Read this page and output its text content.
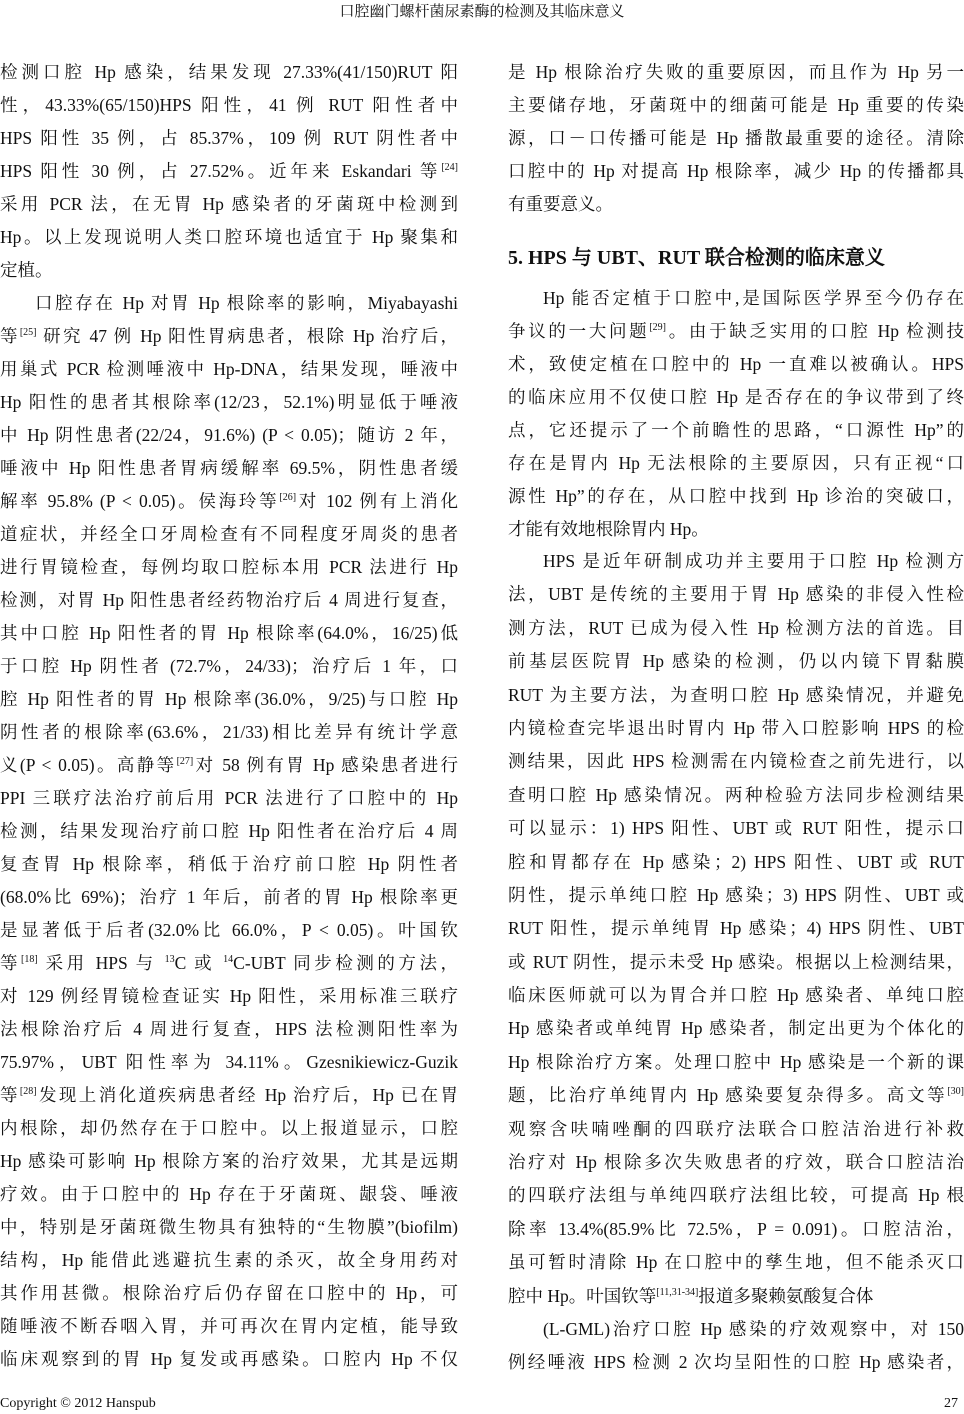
口腔幽门螺杆菌尿素酶的检测及其临床意义
检测口腔 Hp 感染，结果发现 27.33%(41/150)RUT 阳
性，43.33%(65/150)HPS 阳性，41 例 RUT 阳性者中
HPS 阳性 35 例，占 85.37%，109 例 RUT 阴性者中
HPS 阳性 30 例，占 27.52%。近年来 Eskandari 等[24]
采用 PCR 法，在无胃 Hp 感染者的牙菌斑中检测到
Hp。以上发现说明人类口腔环境也适宜于 Hp 聚集和
定植。
口腔存在 Hp 对胃 Hp 根除率的影响，Miyabayashi
等[25] 研究 47 例 Hp 阳性胃病患者，根除 Hp 治疗后，
用巢式 PCR 检测唾液中 Hp-DNA，结果发现，唾液中
Hp 阳性的患者其根除率(12/23，52.1%)明显低于唾液
中 Hp 阴性患者(22/24，91.6%) (P < 0.05)；随访 2 年，
唾液中 Hp 阳性患者胃病缓解率 69.5%，阴性患者缓
解率 95.8% (P < 0.05)。侯海玲等[26]对 102 例有上消化
道症状，并经全口牙周检查有不同程度牙周炎的患者
进行胃镜检查，每例均取口腔标本用 PCR 法进行 Hp
检测，对胃 Hp 阳性患者经药物治疗后 4 周进行复查，
其中口腔 Hp 阳性者的胃 Hp 根除率(64.0%，16/25)低
于口腔 Hp 阴性者 (72.7%，24/33)；治疗后 1 年，口
腔 Hp 阳性者的胃 Hp 根除率(36.0%，9/25)与口腔 Hp
阴性者的根除率(63.6%，21/33)相比差异有统计学意
义(P < 0.05)。高静等[27]对 58 例有胃 Hp 感染患者进行
PPI 三联疗法治疗前后用 PCR 法进行了口腔中的 Hp
检测，结果发现治疗前口腔 Hp 阳性者在治疗后 4 周
复查胃 Hp 根除率，稍低于治疗前口腔 Hp 阴性者
(68.0%比 69%)；治疗 1 年后，前者的胃 Hp 根除率更
是显著低于后者(32.0%比 66.0%，P < 0.05)。叶国钦
等[18] 采用 HPS 与 $^{13}$C 或 $^{14}$C-UBT 同步检测的方法，
对 129 例经胃镜检查证实 Hp 阳性，采用标准三联疗
法根除治疗后 4 周进行复查，HPS 法检测阳性率为
75.97%，UBT 阳性率为 34.11%。Gzesnikiewicz-Guzik
等[28]发现上消化道疾病患者经 Hp 治疗后，Hp 已在胃
内根除，却仍然存在于口腔中。以上报道显示，口腔
Hp 感染可影响 Hp 根除方案的治疗效果，尤其是远期
疗效。由于口腔中的 Hp 存在于牙菌斑、龈袋、唾液
中，特别是牙菌斑微生物具有独特的“生物膜”(biofilm)
结构，Hp 能借此逃避抗生素的杀灭，故全身用药对
其作用甚微。根除治疗后仍存留在口腔中的 Hp，可
随唾液不断吞咽入胃，并可再次在胃内定植，能导致
临床观察到的胃 Hp 复发或再感染。口腔内 Hp 不仅
是 Hp 根除治疗失败的重要原因，而且作为 Hp 另一
主要储存地，牙菌斑中的细菌可能是 Hp 重要的传染
源，口－口传播可能是 Hp 播散最重要的途径。清除
口腔中的 Hp 对提高 Hp 根除率，减少 Hp 的传播都具
有重要意义。
5. HPS 与 UBT、RUT 联合检测的临床意义
Hp 能否定植于口腔中,是国际医学界至今仍存在
争议的一大问题[29]。由于缺乏实用的口腔 Hp 检测技
术，致使定植在口腔中的 Hp 一直难以被确认。HPS
的临床应用不仅使口腔 Hp 是否存在的争议带到了终
点，它还提示了一个前瞻性的思路，“口源性 Hp”的
存在是胃内 Hp 无法根除的主要原因，只有正视“口
源性 Hp”的存在，从口腔中找到 Hp 诊治的突破口，
才能有效地根除胃内 Hp。
HPS 是近年研制成功并主要用于口腔 Hp 检测方
法，UBT 是传统的主要用于胃 Hp 感染的非侵入性检
测方法，RUT 已成为侵入性 Hp 检测方法的首选。目
前基层医院胃 Hp 感染的检测，仍以内镜下胃黏膜
RUT 为主要方法，为查明口腔 Hp 感染情况，并避免
内镜检查完毕退出时胃内 Hp 带入口腔影响 HPS 的检
测结果，因此 HPS 检测需在内镜检查之前先进行，以
查明口腔 Hp 感染情况。两种检验方法同步检测结果
可以显示：1) HPS 阳性、UBT 或 RUT 阳性，提示口
腔和胃都存在 Hp 感染；2) HPS 阳性、UBT 或 RUT
阴性，提示单纯口腔 Hp 感染；3) HPS 阴性、UBT 或
RUT 阳性，提示单纯胃 Hp 感染；4) HPS 阴性、UBT
或 RUT 阴性，提示未受 Hp 感染。根据以上检测结果，
临床医师就可以为胃合并口腔 Hp 感染者、单纯口腔
Hp 感染者或单纯胃 Hp 感染者，制定出更为个体化的
Hp 根除治疗方案。处理口腔中 Hp 感染是一个新的课
题，比治疗单纯胃内 Hp 感染要复杂得多。高文等[30]
观察含呋喃唑酮的四联疗法联合口腔洁治进行补救
治疗对 Hp 根除多次失败患者的疗效，联合口腔洁治
的四联疗法组与单纯四联疗法组比较，可提高 Hp 根
除率 13.4%(85.9%比 72.5%，P = 0.091)。口腔洁治，
虽可暂时清除 Hp 在口腔中的孳生地，但不能杀灭口
腔中 Hp。叶国钦等[11,31-34]报道多聚赖氨酸复合体
(L-GML)治疗口腔 Hp 感染的疗效观察中，对 150
例经唾液 HPS 检测 2 次均呈阳性的口腔 Hp 感染者，
Copyright © 2012 Hanspub	27
